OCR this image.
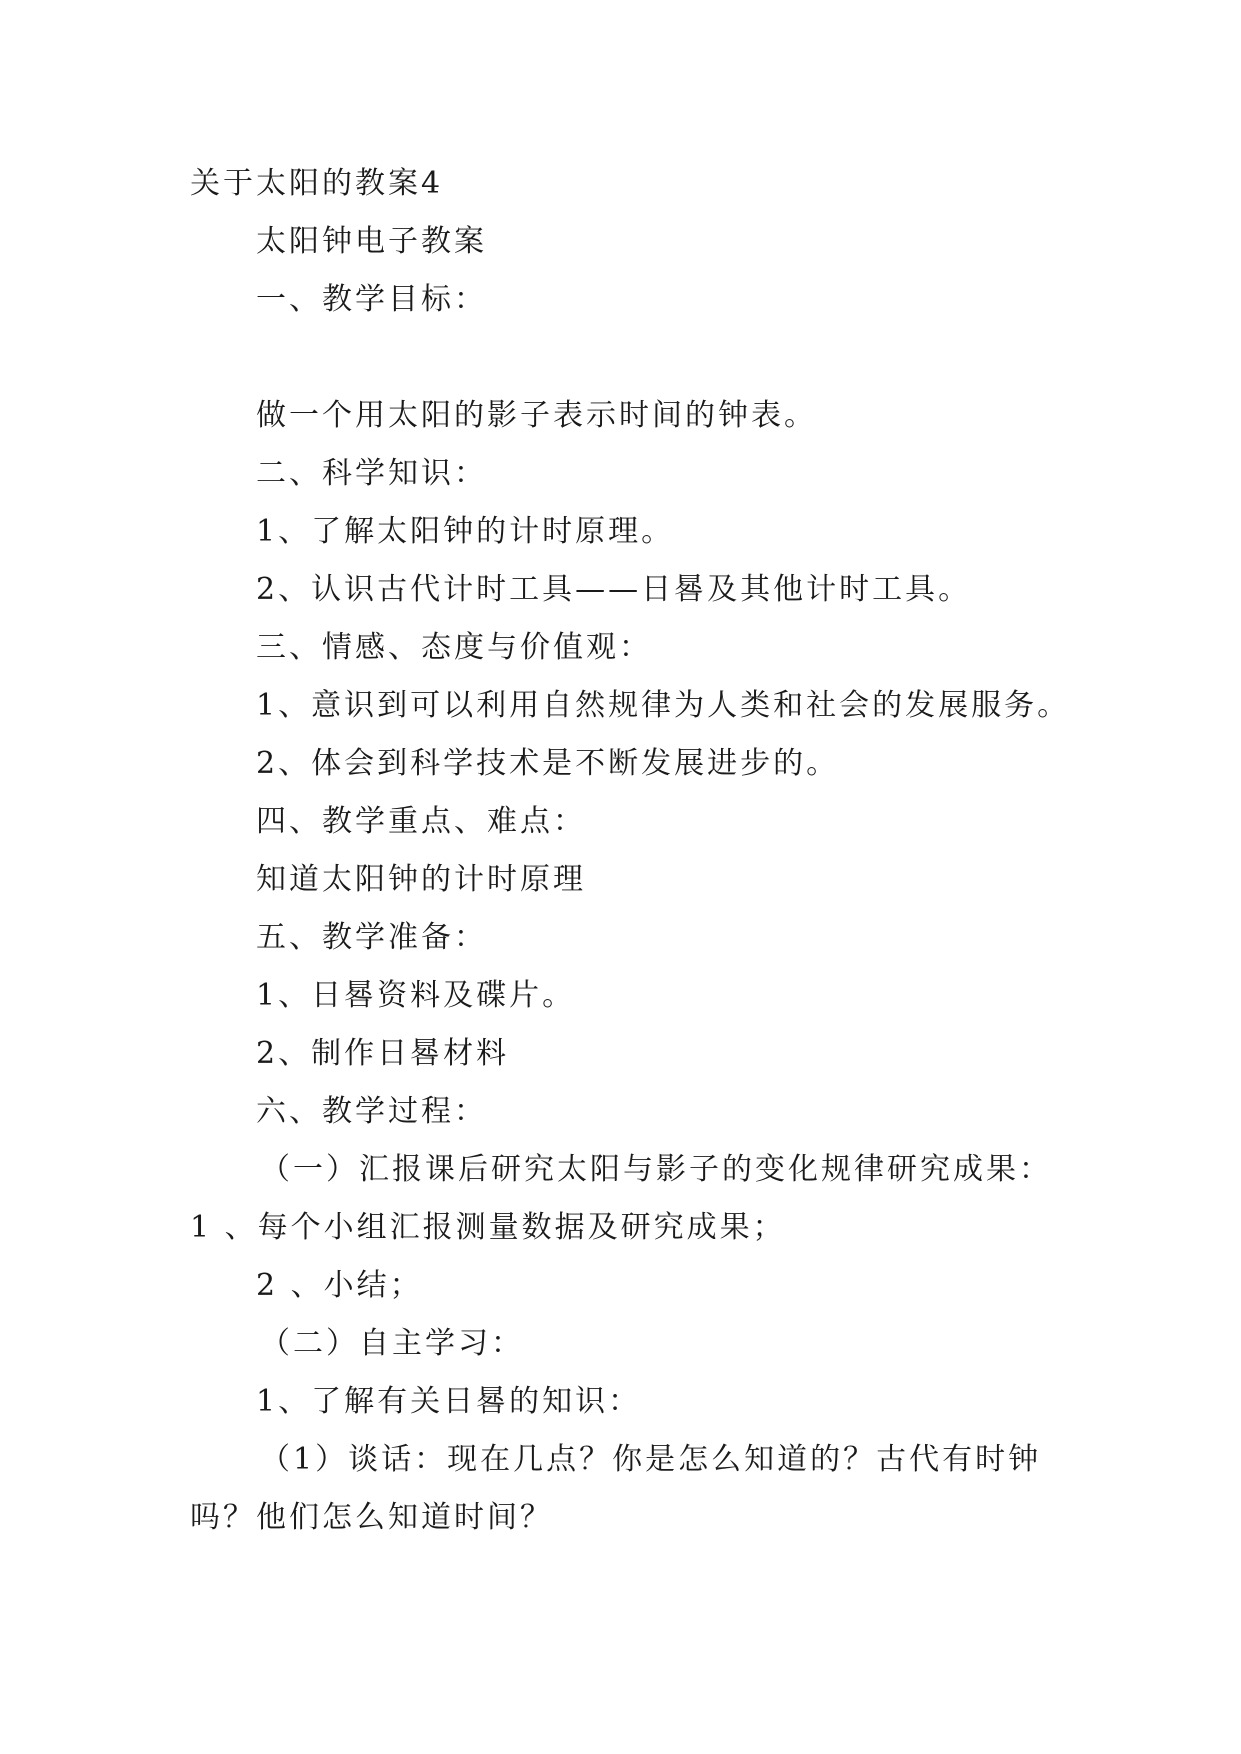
关于太阳的教案4
太阳钟电子教案
一、教学目标：
做一个用太阳的影子表示时间的钟表。
二、科学知识：
1、了解太阳钟的计时原理。
2、认识古代计时工具——日晷及其他计时工具。
三、情感、态度与价值观：
1、意识到可以利用自然规律为人类和社会的发展服务。
2、体会到科学技术是不断发展进步的。
四、教学重点、难点：
知道太阳钟的计时原理
五、教学准备：
1、日晷资料及碟片。
2、制作日晷材料
六、教学过程：
（一）汇报课后研究太阳与影子的变化规律研究成果：
1 、每个小组汇报测量数据及研究成果；
2 、小结；
（二）自主学习：
1、了解有关日晷的知识：
（1）谈话：现在几点？你是怎么知道的？古代有时钟
吗？他们怎么知道时间？
